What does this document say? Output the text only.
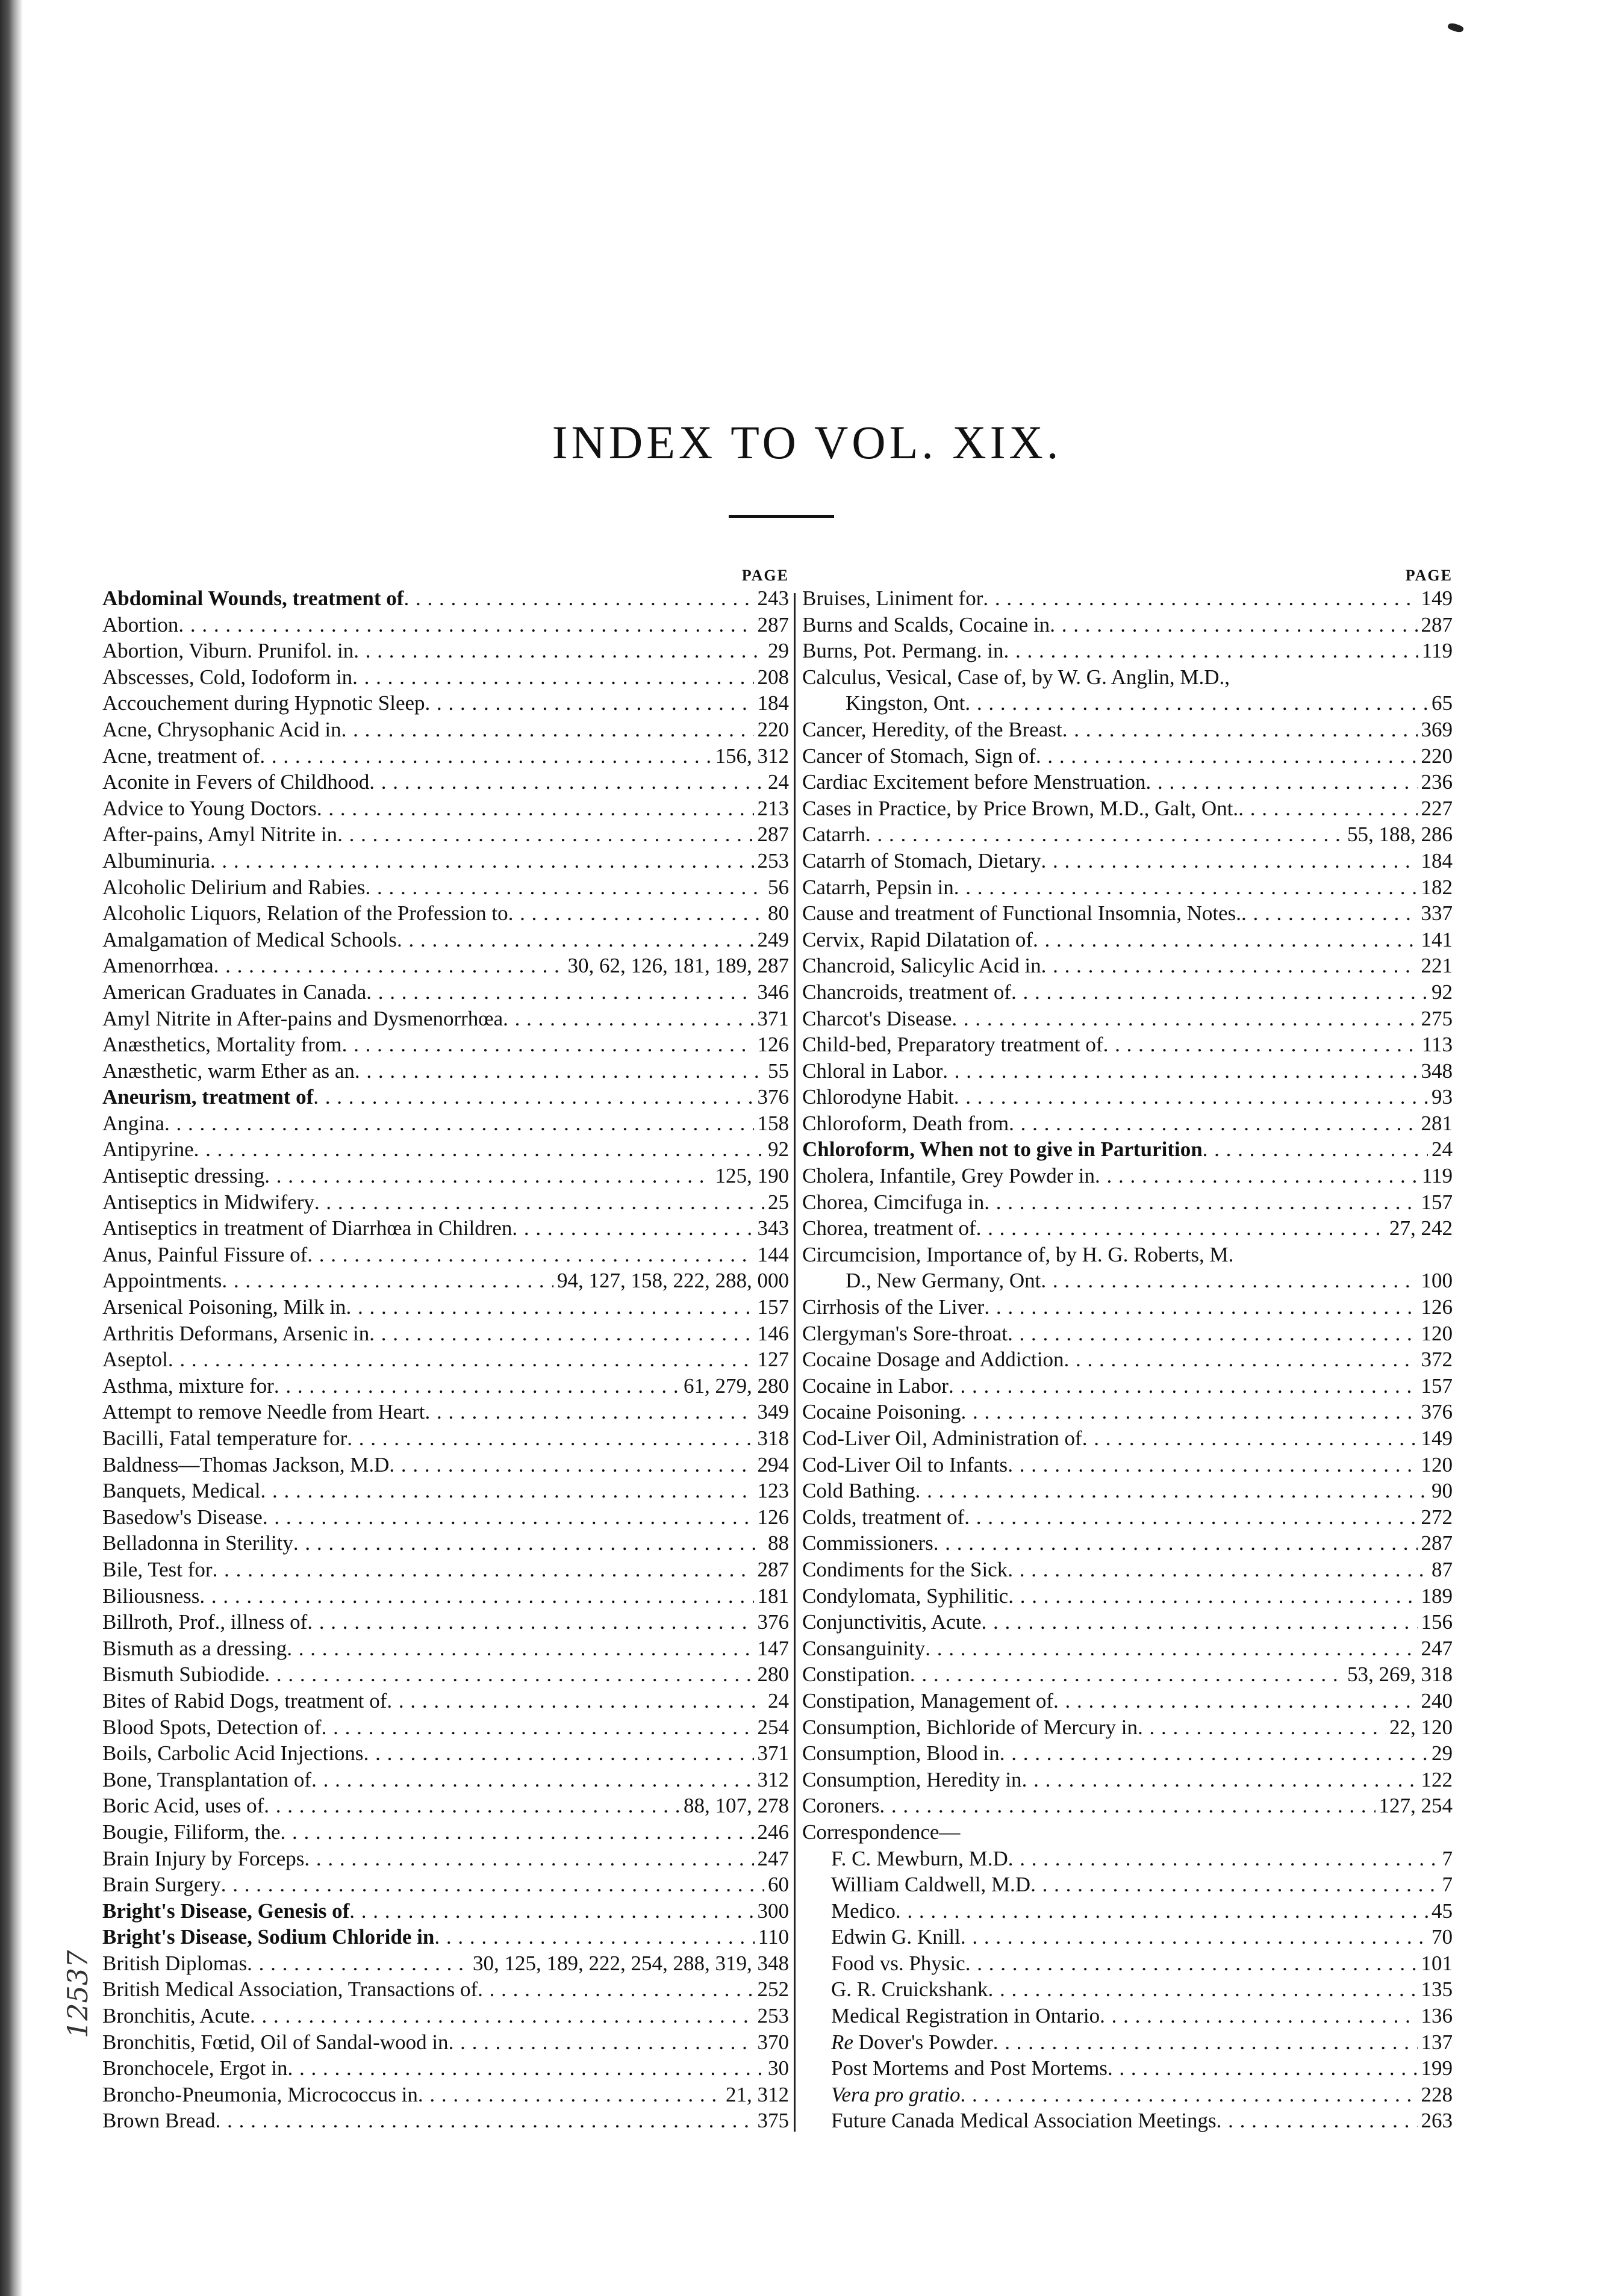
INDEX TO VOL. XIX.
PAGE
Abdominal Wounds, treatment of . . .	243
Abortion . . .	287
Abortion, Viburn. Prunifol. in . . .	29
Abscesses, Cold, Iodoform in . . .	208
Accouchement during Hypnotic Sleep . . .	184
Acne, Chrysophanic Acid in . . .	220
Acne, treatment of . . .	156, 312
Aconite in Fevers of Childhood . . .	24
Advice to Young Doctors . . .	213
After-pains, Amyl Nitrite in . . .	287
Albuminuria . . .	253
Alcoholic Delirium and Rabies . . .	56
Alcoholic Liquors, Relation of the Profession to . . .	80
Amalgamation of Medical Schools . . .	249
Amenorrhœa . . .	30, 62, 126, 181, 189, 287
American Graduates in Canada . . .	346
Amyl Nitrite in After-pains and Dysmenorrhœa . . .	371
Anæsthetics, Mortality from . . .	126
Anæsthetic, warm Ether as an . . .	55
Aneurism, treatment of . . .	376
Angina . . .	158
Antipyrine . . .	92
Antiseptic dressing . . .	125, 190
Antiseptics in Midwifery . . .	25
Antiseptics in treatment of Diarrhœa in Children . . .	343
Anus, Painful Fissure of . . .	144
Appointments . . .	94, 127, 158, 222, 288, 000
Arsenical Poisoning, Milk in . . .	157
Arthritis Deformans, Arsenic in . . .	146
Aseptol . . .	127
Asthma, mixture for . . .	61, 279, 280
Attempt to remove Needle from Heart . . .	349
Bacilli, Fatal temperature for . . .	318
Baldness—Thomas Jackson, M.D . . .	294
Banquets, Medical . . .	123
Basedow's Disease . . .	126
Belladonna in Sterility . . .	88
Bile, Test for . . .	287
Biliousness . . .	181
Billroth, Prof., illness of . . .	376
Bismuth as a dressing . . .	147
Bismuth Subiodide . . .	280
Bites of Rabid Dogs, treatment of . . .	24
Blood Spots, Detection of . . .	254
Boils, Carbolic Acid Injections . . .	371
Bone, Transplantation of . . .	312
Boric Acid, uses of . . .	88, 107, 278
Bougie, Filiform, the . . .	246
Brain Injury by Forceps . . .	247
Brain Surgery . . .	60
Bright's Disease, Genesis of . . .	300
Bright's Disease, Sodium Chloride in . . .	110
British Diplomas . . .	30, 125, 189, 222, 254, 288, 319, 348
British Medical Association, Transactions of . . .	252
Bronchitis, Acute . . .	253
Bronchitis, Fœtid, Oil of Sandal-wood in . . .	370
Bronchocele, Ergot in . . .	30
Broncho-Pneumonia, Micrococcus in . . .	21, 312
Brown Bread . . .	375
PAGE
Bruises, Liniment for . . .	149
Burns and Scalds, Cocaine in . . .	287
Burns, Pot. Permang. in . . .	119
Calculus, Vesical, Case of, by W. G. Anglin, M.D.,
Kingston, Ont . . .	65
Cancer, Heredity, of the Breast . . .	369
Cancer of Stomach, Sign of . . .	220
Cardiac Excitement before Menstruation . . .	236
Cases in Practice, by Price Brown, M.D., Galt, Ont. . . .	227
Catarrh . . .	55, 188, 286
Catarrh of Stomach, Dietary . . .	184
Catarrh, Pepsin in . . .	182
Cause and treatment of Functional Insomnia, Notes. . . .	337
Cervix, Rapid Dilatation of . . .	141
Chancroid, Salicylic Acid in . . .	221
Chancroids, treatment of . . .	92
Charcot's Disease . . .	275
Child-bed, Preparatory treatment of . . .	113
Chloral in Labor . . .	348
Chlorodyne Habit . . .	93
Chloroform, Death from . . .	281
Chloroform, When not to give in Parturition . . .	24
Cholera, Infantile, Grey Powder in . . .	119
Chorea, Cimcifuga in . . .	157
Chorea, treatment of . . .	27, 242
Circumcision, Importance of, by H. G. Roberts, M.
D., New Germany, Ont . . .	100
Cirrhosis of the Liver . . .	126
Clergyman's Sore-throat . . .	120
Cocaine Dosage and Addiction . . .	372
Cocaine in Labor . . .	157
Cocaine Poisoning . . .	376
Cod-Liver Oil, Administration of . . .	149
Cod-Liver Oil to Infants . . .	120
Cold Bathing . . .	90
Colds, treatment of . . .	272
Commissioners . . .	287
Condiments for the Sick . . .	87
Condylomata, Syphilitic . . .	189
Conjunctivitis, Acute . . .	156
Consanguinity . . .	247
Constipation . . .	53, 269, 318
Constipation, Management of . . .	240
Consumption, Bichloride of Mercury in . . .	22, 120
Consumption, Blood in . . .	29
Consumption, Heredity in . . .	122
Coroners . . .	127, 254
Correspondence—
F. C. Mewburn, M.D . . .	7
William Caldwell, M.D . . .	7
Medico . . .	45
Edwin G. Knill . . .	70
Food vs. Physic . . .	101
G. R. Cruickshank . . .	135
Medical Registration in Ontario . . .	136
Re Dover's Powder . . .	137
Post Mortems and Post Mortems . . .	199
Vera pro gratio . . .	228
Future Canada Medical Association Meetings . . .	263
12537
